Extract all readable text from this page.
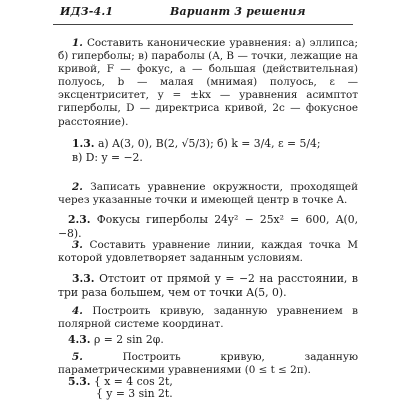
ИДЗ-4.1	Вариант 3 решения

1. Составить канонические уравнения: а) эллипса; б) гиперболы; в) параболы (A, B — точки, лежащие на кривой, F — фокус, a — большая (действительная) полуось, b — малая (мнимая) полуось, ε — эксцентриситет, y = ±kx — уравнения асимптот гиперболы, D — директриса кривой, 2c — фокусное расстояние).

1.3. а) A(3, 0), B(2, √5/3); б) k = 3/4, ε = 5/4;
в) D: y = −2.

2. Записать уравнение окружности, проходящей через указанные точки и имеющей центр в точке A.

2.3. Фокусы гиперболы 24y² − 25x² = 600, A(0, −8).

3. Составить уравнение линии, каждая точка M которой удовлетворяет заданным условиям.

3.3. Отстоит от прямой y = −2 на расстоянии, в три раза большем, чем от точки A(5, 0).

4. Построить кривую, заданную уравнением в полярной системе координат.

4.3. ρ = 2 sin 2φ.

5.	Построить кривую, заданную параметрическими уравнениями (0 ≤ t ≤ 2π).

5.3. { x = 4 cos 2t,
{ y = 3 sin 2t.
